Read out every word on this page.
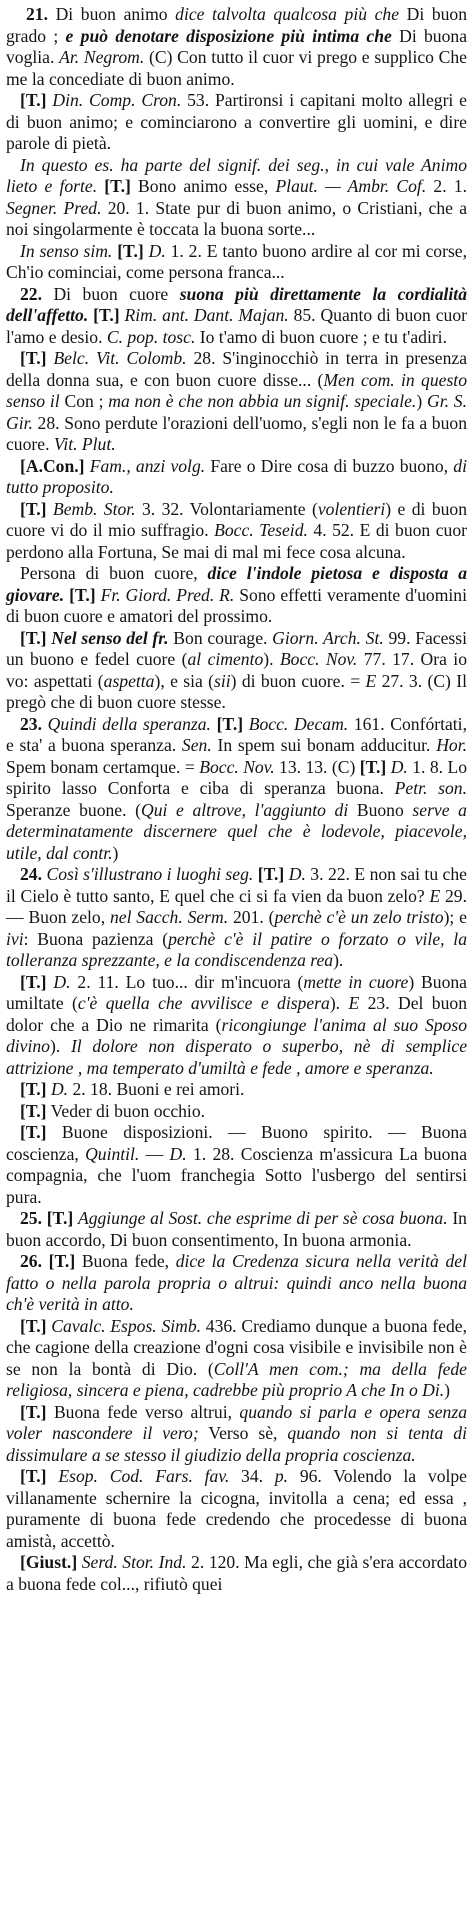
21. Di buon animo dice talvolta qualcosa più che Di buon grado ; e può denotare disposizione più intima che Di buona voglia. Ar. Negrom. (C) Con tutto il cuor vi prego e supplico Che me la concediate di buon animo.

[T.] Din. Comp. Cron. 53. Partironsi i capitani molto allegri e di buon animo; e cominciarono a convertire gli uomini, e dire parole di pietà.

In questo es. ha parte del signif. dei seg., in cui vale Animo lieto e forte. [T.] Bono animo esse, Plaut. — Ambr. Cof. 2. 1. Segner. Pred. 20. 1. State pur di buon animo, o Cristiani, che a noi singolarmente è toccata la buona sorte...

In senso sim. [T.] D. 1. 2. E tanto buono ardire al cor mi corse, Ch'io cominciai, come persona franca...

22. Di buon cuore suona più direttamente la cordialità dell'affetto. [T.] Rim. ant. Dant. Majan. 85. Quanto di buon cuor l'amo e desio. C. pop. tosc. Io t'amo di buon cuore ; e tu t'adiri.

[T.] Belc. Vit. Colomb. 28. S'inginocchiò in terra in presenza della donna sua, e con buon cuore disse... (Men com. in questo senso il Con ; ma non è che non abbia un signif. speciale.) Gr. S. Gir. 28. Sono perdute l'orazioni dell'uomo, s'egli non le fa a buon cuore. Vit. Plut.

[A.Con.] Fam., anzi volg. Fare o Dire cosa di buzzo buono, di tutto proposito.

[T.] Bemb. Stor. 3. 32. Volontariamente (volentieri) e di buon cuore vi do il mio suffragio. Bocc. Teseid. 4. 52. E di buon cuor perdono alla Fortuna, Se mai di mal mi fece cosa alcuna.

Persona di buon cuore, dice l'indole pietosa e disposta a giovare. [T.] Fr. Giord. Pred. R. Sono effetti veramente d'uomini di buon cuore e amatori del prossimo.

[T.] Nel senso del fr. Bon courage. Giorn. Arch. St. 99. Facessi un buono e fedel cuore (al cimento). Bocc. Nov. 77. 17. Ora io vo: aspettati (aspetta), e sia (sii) di buon cuore. = E 27. 3. (C) Il pregò che di buon cuore stesse.

23. Quindi della speranza. [T.] Bocc. Decam. 161. Confórtati, e sta' a buona speranza. Sen. In spem sui bonam adducitur. Hor. Spem bonam certamque. = Bocc. Nov. 13. 13. (C) [T.] D. 1. 8. Lo spirito lasso Conforta e ciba di speranza buona. Petr. son. Speranze buone. (Qui e altrove, l'aggiunto di Buono serve a determinatamente discernere quel che è lodevole, piacevole, utile, dal contr.)

24. Così s'illustrano i luoghi seg. [T.] D. 3. 22. E non sai tu che il Cielo è tutto santo, E quel che ci si fa vien da buon zelo? E 29. — Buon zelo, nel Sacch. Serm. 201. (perchè c'è un zelo tristo); e ivi: Buona pazienza (perchè c'è il patire o forzato o vile, la tolleranza sprezzante, e la condiscendenza rea).

[T.] D. 2. 11. Lo tuo... dir m'incuora (mette in cuore) Buona umiltate (c'è quella che avvilisce e dispera). E 23. Del buon dolor che a Dio ne rimarita (ricongiunge l'anima al suo Sposo divino). Il dolore non disperato o superbo, nè di semplice attrizione , ma temperato d'umiltà e fede , amore e speranza.

[T.] D. 2. 18. Buoni e rei amori.

[T.] Veder di buon occhio.

[T.] Buone disposizioni. — Buono spirito. — Buona coscienza, Quintil. — D. 1. 28. Coscienza m'assicura La buona compagnia, che l'uom franchegia Sotto l'usbergo del sentirsi pura.

25. [T.] Aggiunge al Sost. che esprime di per sè cosa buona. In buon accordo, Di buon consentimento, In buona armonia.

26. [T.] Buona fede, dice la Credenza sicura nella verità del fatto o nella parola propria o altrui: quindi anco nella buona ch'è verità in atto.

[T.] Cavalc. Espos. Simb. 436. Crediamo dunque a buona fede, che cagione della creazione d'ogni cosa visibile e invisibile non è se non la bontà di Dio. (Coll'A men com.; ma della fede religiosa, sincera e piena, cadrebbe più proprio A che In o Di.)

[T.] Buona fede verso altrui, quando si parla e opera senza voler nascondere il vero; Verso sè, quando non si tenta di dissimulare a se stesso il giudizio della propria coscienza.

[T.] Esop. Cod. Fars. fav. 34. p. 96. Volendo la volpe villanamente schernire la cicogna, invitolla a cena; ed essa , puramente di buona fede credendo che procedesse di buona amistà, accettò.

[Giust.] Serd. Stor. Ind. 2. 120. Ma egli, che già s'era accordato a buona fede col..., rifiutò quei
